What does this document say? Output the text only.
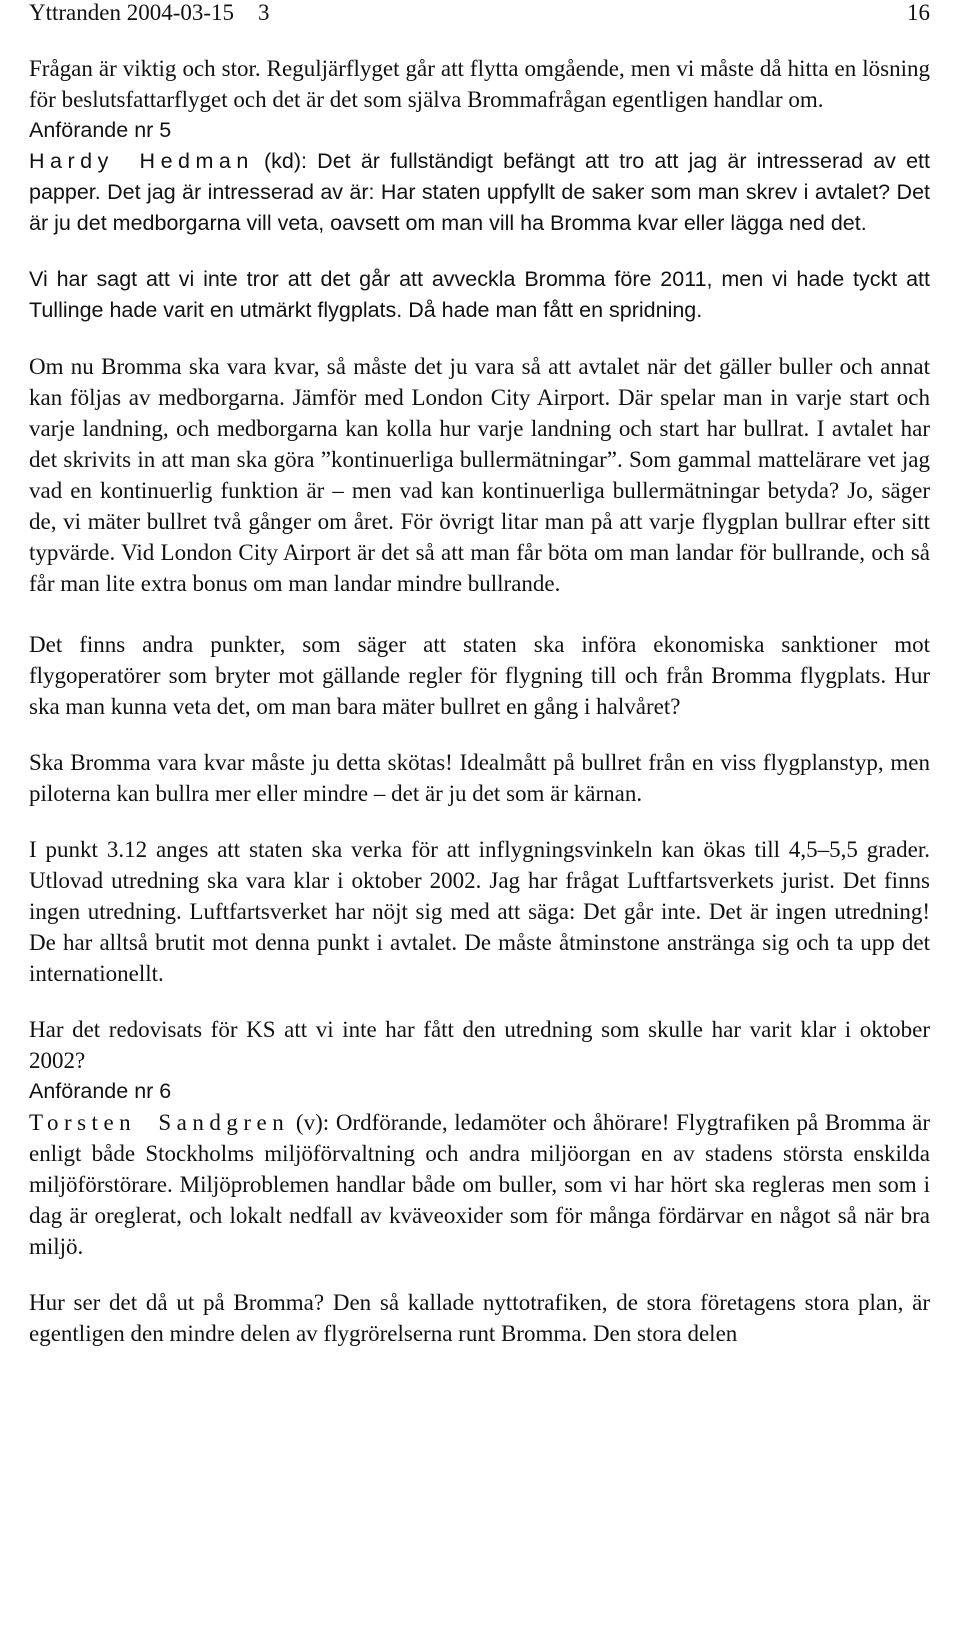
Yttranden 2004-03-15 3	16

Frågan är viktig och stor. Reguljärflyget går att flytta omgående, men vi måste då hitta en lösning för beslutsfattarflyget och det är det som själva Brommafrågan egentligen handlar om.

Anförande nr 5

Hardy Hedman (kd): Det är fullständigt befängt att tro att jag är intresserad av ett papper. Det jag är intresserad av är: Har staten uppfyllt de saker som man skrev i avtalet? Det är ju det medborgarna vill veta, oavsett om man vill ha Bromma kvar eller lägga ned det.

Vi har sagt att vi inte tror att det går att avveckla Bromma före 2011, men vi hade tyckt att Tullinge hade varit en utmärkt flygplats. Då hade man fått en spridning.

Om nu Bromma ska vara kvar, så måste det ju vara så att avtalet när det gäller buller och annat kan följas av medborgarna. Jämför med London City Airport. Där spelar man in varje start och varje landning, och medborgarna kan kolla hur varje landning och start har bullrat. I avtalet har det skrivits in att man ska göra ”kontinuerliga bullermätningar”. Som gammal mattelärare vet jag vad en kontinuerlig funktion är – men vad kan kontinuerliga bullermätningar betyda? Jo, säger de, vi mäter bullret två gånger om året. För övrigt litar man på att varje flygplan bullrar efter sitt typvärde. Vid London City Airport är det så att man får böta om man landar för bullrande, och så får man lite extra bonus om man landar mindre bullrande.

Det finns andra punkter, som säger att staten ska införa ekonomiska sanktioner mot flygoperatörer som bryter mot gällande regler för flygning till och från Bromma flygplats. Hur ska man kunna veta det, om man bara mäter bullret en gång i halvåret?

Ska Bromma vara kvar måste ju detta skötas! Idealmått på bullret från en viss flygplanstyp, men piloterna kan bullra mer eller mindre – det är ju det som är kärnan.

I punkt 3.12 anges att staten ska verka för att inflygningsvinkeln kan ökas till 4,5–5,5 grader. Utlovad utredning ska vara klar i oktober 2002. Jag har frågat Luftfartsverkets jurist. Det finns ingen utredning. Luftfartsverket har nöjt sig med att säga: Det går inte. Det är ingen utredning! De har alltså brutit mot denna punkt i avtalet. De måste åtminstone anstränga sig och ta upp det internationellt.

Har det redovisats för KS att vi inte har fått den utredning som skulle har varit klar i oktober 2002?

Anförande nr 6

Torsten Sandgren (v): Ordförande, ledamöter och åhörare! Flygtrafiken på Bromma är enligt både Stockholms miljöförvaltning och andra miljöorgan en av stadens största enskilda miljöförstörare. Miljöproblemen handlar både om buller, som vi har hört ska regleras men som i dag är oreglerat, och lokalt nedfall av kväveoxider som för många fördärvar en något så när bra miljö.

Hur ser det då ut på Bromma? Den så kallade nyttotrafiken, de stora företagens stora plan, är egentligen den mindre delen av flygrörelserna runt Bromma. Den stora delen
